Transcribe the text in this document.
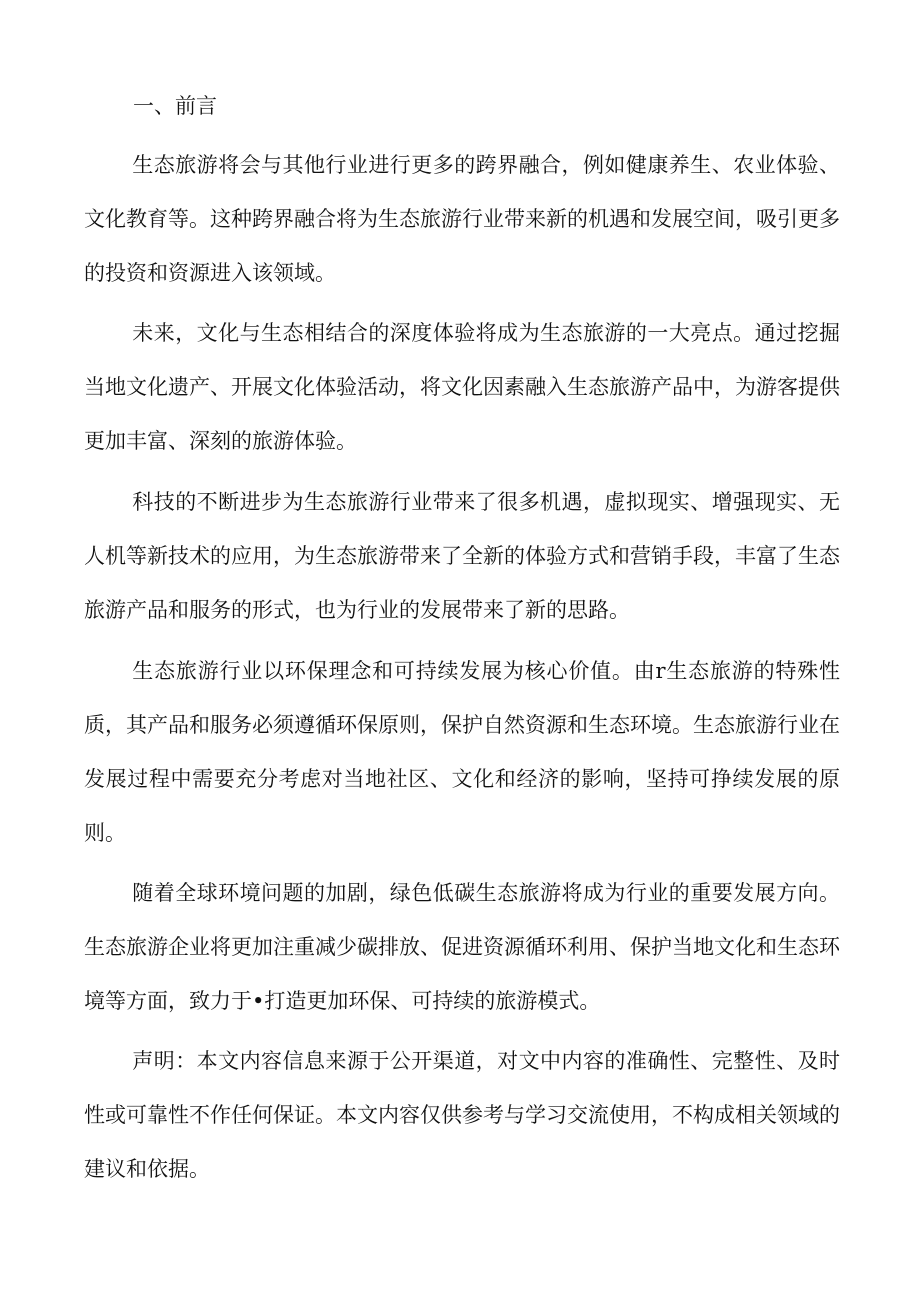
一、前言

生态旅游将会与其他行业进行更多的跨界融合，例如健康养生、农业体验、文化教育等。这种跨界融合将为生态旅游行业带来新的机遇和发展空间，吸引更多的投资和资源进入该领域。

未来，文化与生态相结合的深度体验将成为生态旅游的一大亮点。通过挖掘当地文化遗产、开展文化体验活动，将文化因素融入生态旅游产品中，为游客提供更加丰富、深刻的旅游体验。

科技的不断进步为生态旅游行业带来了很多机遇，虚拟现实、增强现实、无人机等新技术的应用，为生态旅游带来了全新的体验方式和营销手段，丰富了生态旅游产品和服务的形式，也为行业的发展带来了新的思路。

生态旅游行业以环保理念和可持续发展为核心价值。由r生态旅游的特殊性质，其产品和服务必须遵循环保原则，保护自然资源和生态环境。生态旅游行业在发展过程中需要充分考虑对当地社区、文化和经济的影响，坚持可挣续发展的原则。

随着全球环境问题的加剧，绿色低碳生态旅游将成为行业的重要发展方向。生态旅游企业将更加注重减少碳排放、促进资源循环利用、保护当地文化和生态环境等方面，致力于•打造更加环保、可持续的旅游模式。

声明：本文内容信息来源于公开渠道，对文中内容的准确性、完整性、及时性或可靠性不作任何保证。本文内容仅供参考与学习交流使用，不构成相关领域的建议和依据。
